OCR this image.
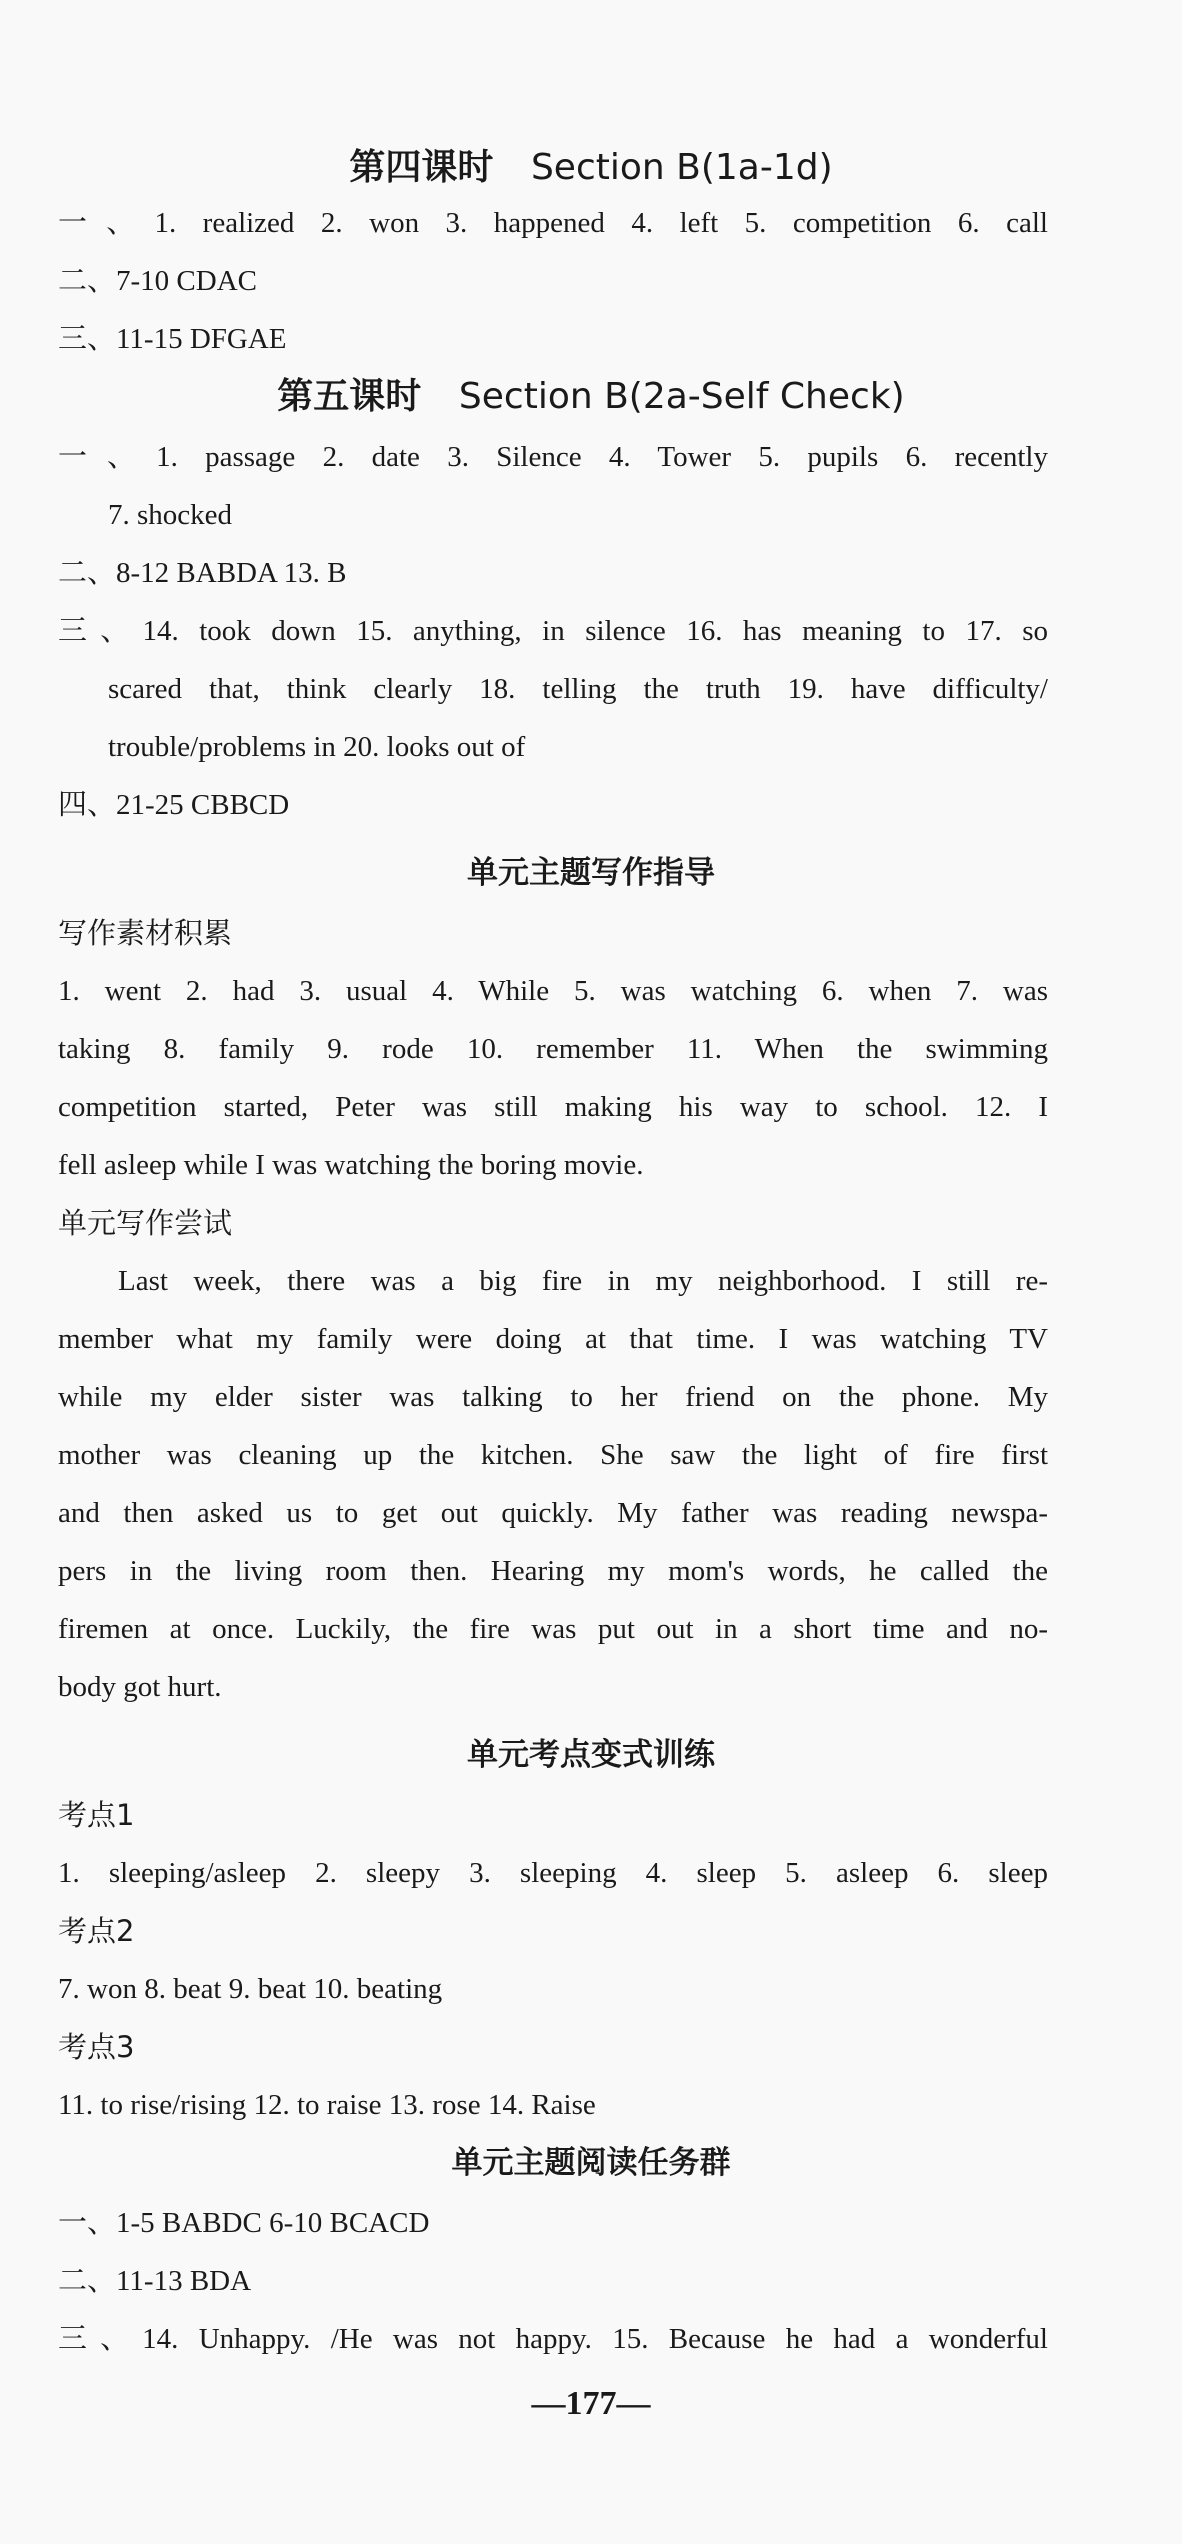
第四课时 Section B(1a-1d)
一、1. realized 2. won 3. happened 4. left 5. competition 6. call
二、7-10 CDAC
三、11-15 DFGAE
第五课时 Section B(2a-Self Check)
一、1. passage 2. date 3. Silence 4. Tower 5. pupils 6. recently
7. shocked
二、8-12 BABDA 13. B
三、14. took down 15. anything, in silence 16. has meaning to 17. so
scared that, think clearly 18. telling the truth 19. have difficulty/
trouble/problems in 20. looks out of
四、21-25 CBBCD
单元主题写作指导
写作素材积累
1. went 2. had 3. usual 4. While 5. was watching 6. when 7. was
taking 8. family 9. rode 10. remember 11. When the swimming
competition started, Peter was still making his way to school. 12. I
fell asleep while I was watching the boring movie.
单元写作尝试
Last week, there was a big fire in my neighborhood. I still re-
member what my family were doing at that time. I was watching TV
while my elder sister was talking to her friend on the phone. My
mother was cleaning up the kitchen. She saw the light of fire first
and then asked us to get out quickly. My father was reading newspa-
pers in the living room then. Hearing my mom's words, he called the
firemen at once. Luckily, the fire was put out in a short time and no-
body got hurt.
单元考点变式训练
考点1
1. sleeping/asleep 2. sleepy 3. sleeping 4. sleep 5. asleep 6. sleep
考点2
7. won 8. beat 9. beat 10. beating
考点3
11. to rise/rising 12. to raise 13. rose 14. Raise
单元主题阅读任务群
一、1-5 BABDC 6-10 BCACD
二、11-13 BDA
三、14. Unhappy. /He was not happy. 15. Because he had a wonderful
—177—
